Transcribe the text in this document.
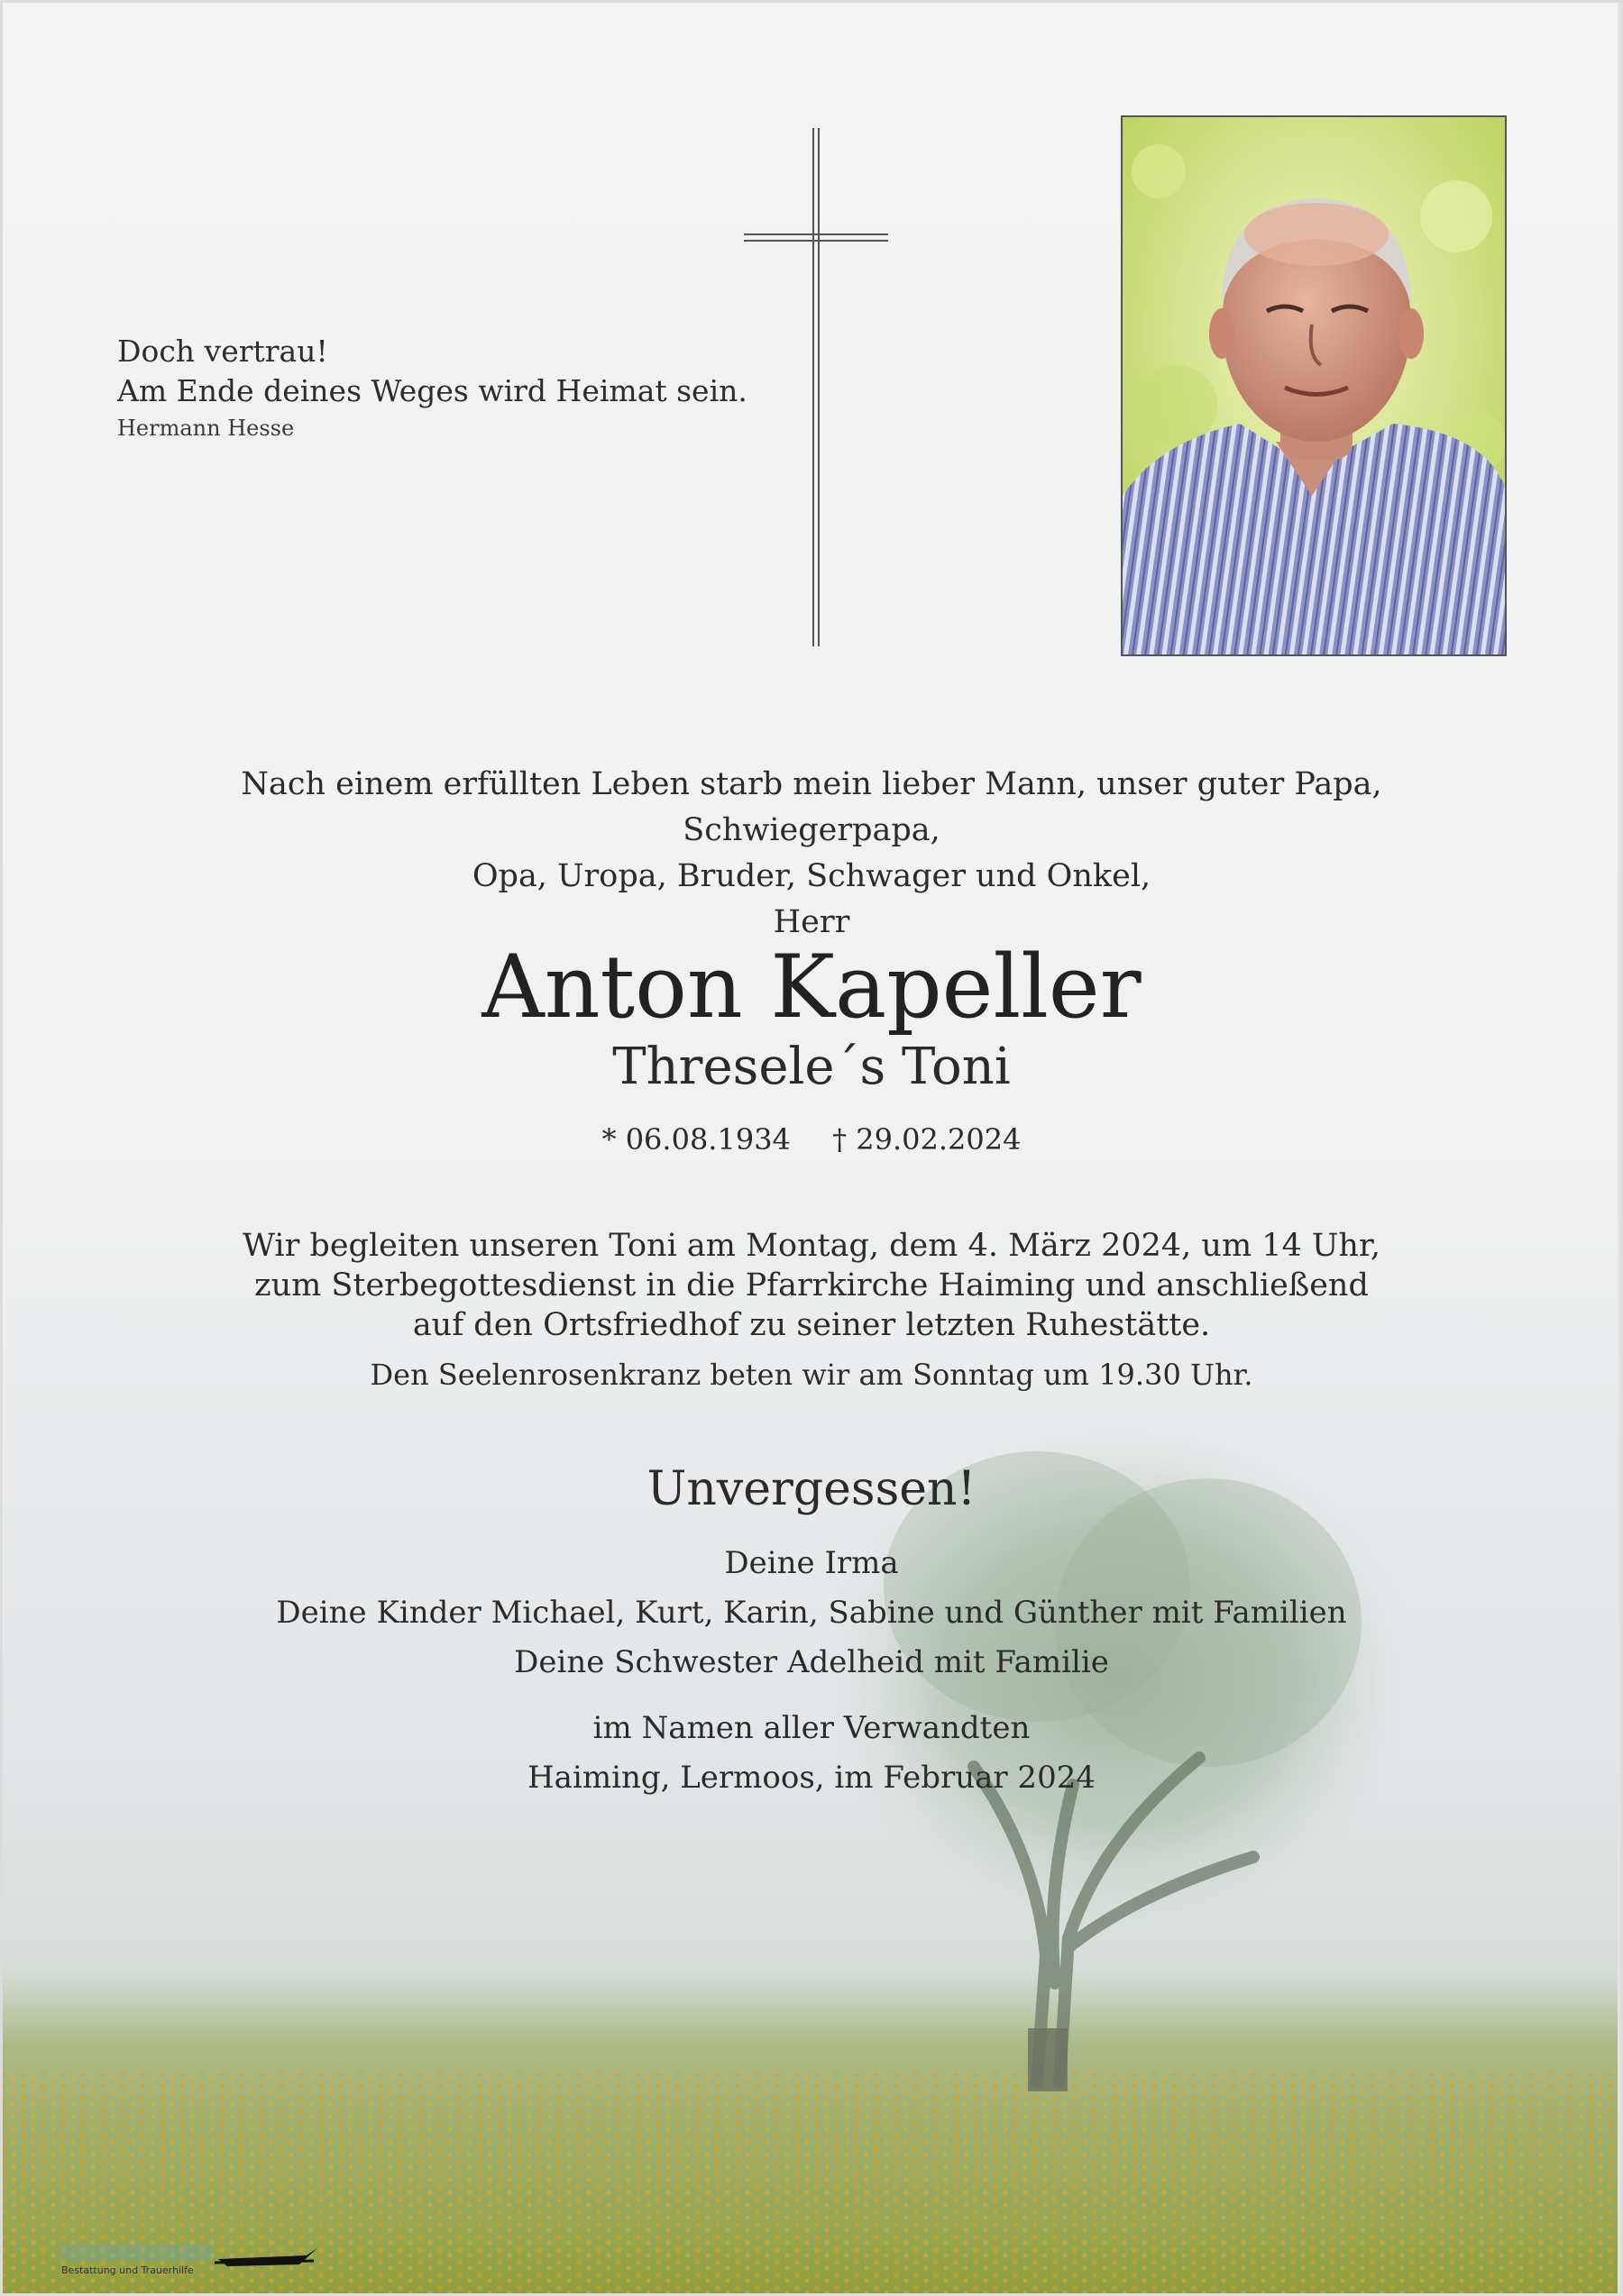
Doch vertrau!
Am Ende deines Weges wird Heimat sein.
Hermann Hesse
Nach einem erfüllten Leben starb mein lieber Mann, unser guter Papa, Schwiegerpapa,
Opa, Uropa, Bruder, Schwager und Onkel,
Herr
Anton Kapeller
Thresele´s Toni
* 06.08.1934 † 29.02.2024
Wir begleiten unseren Toni am Montag, dem 4. März 2024, um 14 Uhr,
zum Sterbegottesdienst in die Pfarrkirche Haiming und anschließend
auf den Ortsfriedhof zu seiner letzten Ruhestätte.
Den Seelenrosenkranz beten wir am Sonntag um 19.30 Uhr.
Unvergessen!
Deine Irma
Deine Kinder Michael, Kurt, Karin, Sabine und Günther mit Familien
Deine Schwester Adelheid mit Familie
im Namen aller Verwandten
Haiming, Lermoos, im Februar 2024
Bestattung und Trauerhilfe
